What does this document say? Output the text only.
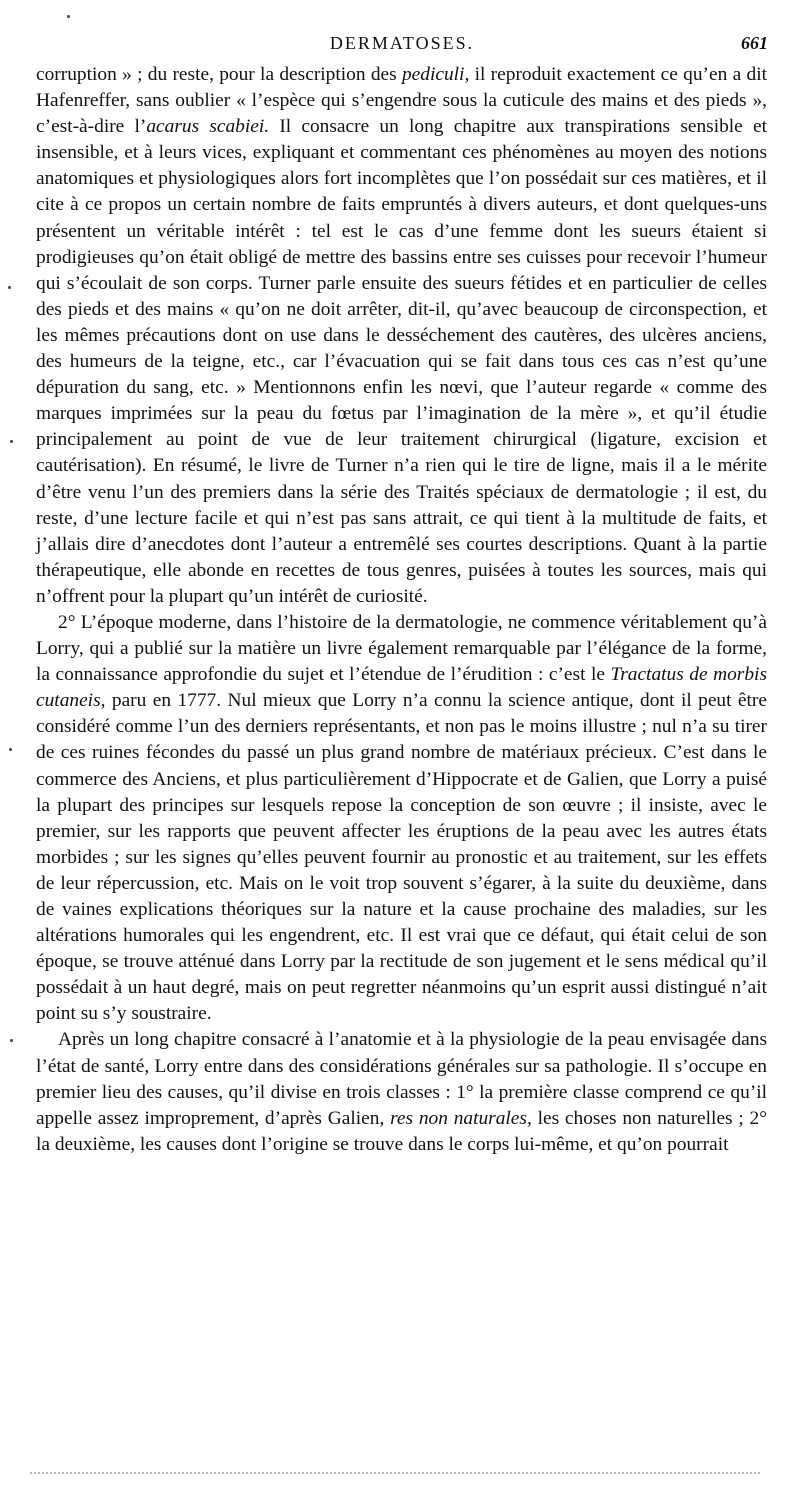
DERMATOSES.	661

corruption » ; du reste, pour la description des pediculi, il reproduit exactement ce qu’en a dit Hafenreffer, sans oublier « l’espèce qui s’engendre sous la cuticule des mains et des pieds », c’est-à-dire l’acarus scabiei. Il consacre un long chapitre aux transpirations sensible et insensible, et à leurs vices, expliquant et commentant ces phénomènes au moyen des notions anatomiques et physiologiques alors fort incomplètes que l’on possédait sur ces matières, et il cite à ce propos un certain nombre de faits empruntés à divers auteurs, et dont quelques-uns présentent un véritable intérêt : tel est le cas d’une femme dont les sueurs étaient si prodigieuses qu’on était obligé de mettre des bassins entre ses cuisses pour recevoir l’humeur qui s’écoulait de son corps. Turner parle ensuite des sueurs fétides et en particulier de celles des pieds et des mains « qu’on ne doit arrêter, dit-il, qu’avec beaucoup de circonspection, et les mêmes précautions dont on use dans le desséchement des cautères, des ulcères anciens, des humeurs de la teigne, etc., car l’évacuation qui se fait dans tous ces cas n’est qu’une dépuration du sang, etc. » Mentionnons enfin les nœvi, que l’auteur regarde « comme des marques imprimées sur la peau du fœtus par l’imagination de la mère », et qu’il étudie principalement au point de vue de leur traitement chirurgical (ligature, excision et cautérisation). En résumé, le livre de Turner n’a rien qui le tire de ligne, mais il a le mérite d’être venu l’un des premiers dans la série des Traités spéciaux de dermatologie ; il est, du reste, d’une lecture facile et qui n’est pas sans attrait, ce qui tient à la multitude de faits, et j’allais dire d’anecdotes dont l’auteur a entremêlé ses courtes descriptions. Quant à la partie thérapeutique, elle abonde en recettes de tous genres, puisées à toutes les sources, mais qui n’offrent pour la plupart qu’un intérêt de curiosité.

2° L’époque moderne, dans l’histoire de la dermatologie, ne commence véritablement qu’à Lorry, qui a publié sur la matière un livre également remarquable par l’élégance de la forme, la connaissance approfondie du sujet et l’étendue de l’érudition : c’est le Tractatus de morbis cutaneis, paru en 1777. Nul mieux que Lorry n’a connu la science antique, dont il peut être considéré comme l’un des derniers représentants, et non pas le moins illustre ; nul n’a su tirer de ces ruines fécondes du passé un plus grand nombre de matériaux précieux. C’est dans le commerce des Anciens, et plus particulièrement d’Hippocrate et de Galien, que Lorry a puisé la plupart des principes sur lesquels repose la conception de son œuvre ; il insiste, avec le premier, sur les rapports que peuvent affecter les éruptions de la peau avec les autres états morbides ; sur les signes qu’elles peuvent fournir au pronostic et au traitement, sur les effets de leur répercussion, etc. Mais on le voit trop souvent s’égarer, à la suite du deuxième, dans de vaines explications théoriques sur la nature et la cause prochaine des maladies, sur les altérations humorales qui les engendrent, etc. Il est vrai que ce défaut, qui était celui de son époque, se trouve atténué dans Lorry par la rectitude de son jugement et le sens médical qu’il possédait à un haut degré, mais on peut regretter néanmoins qu’un esprit aussi distingué n’ait point su s’y soustraire.

Après un long chapitre consacré à l’anatomie et à la physiologie de la peau envisagée dans l’état de santé, Lorry entre dans des considérations générales sur sa pathologie. Il s’occupe en premier lieu des causes, qu’il divise en trois classes : 1° la première classe comprend ce qu’il appelle assez improprement, d’après Galien, res non naturales, les choses non naturelles ; 2° la deuxième, les causes dont l’origine se trouve dans le corps lui-même, et qu’on pourrait
